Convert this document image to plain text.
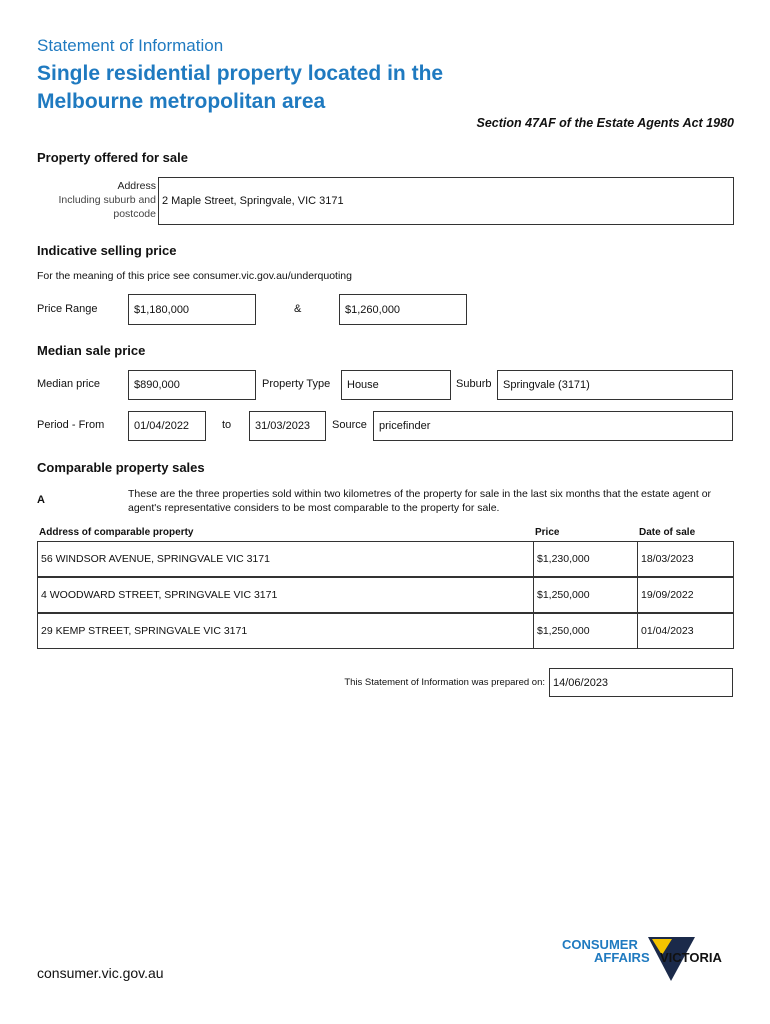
Statement of Information
Single residential property located in the
Melbourne metropolitan area
Section 47AF of the Estate Agents Act 1980
Property offered for sale
Address
Including suburb and
postcode
2 Maple Street, Springvale, VIC 3171
Indicative selling price
For the meaning of this price see consumer.vic.gov.au/underquoting
Price Range	$1,180,000	&	$1,260,000
Median sale price
Median price	$890,000	Property Type House	Suburb Springvale (3171)
Period - From	01/04/2022	to 31/03/2023 Source pricefinder
Comparable property sales
A	These are the three properties sold within two kilometres of the property for sale in the last six months that the estate agent or agent's representative considers to be most comparable to the property for sale.
Address of comparable property	Price	Date of sale
56 WINDSOR AVENUE, SPRINGVALE VIC 3171	$1,230,000	18/03/2023
4 WOODWARD STREET, SPRINGVALE VIC 3171	$1,250,000	19/09/2022
29 KEMP STREET, SPRINGVALE VIC 3171	$1,250,000	01/04/2023
This Statement of Information was prepared on: 14/06/2023
consumer.vic.gov.au
CONSUMER
AFFAIRS VICTORIA
